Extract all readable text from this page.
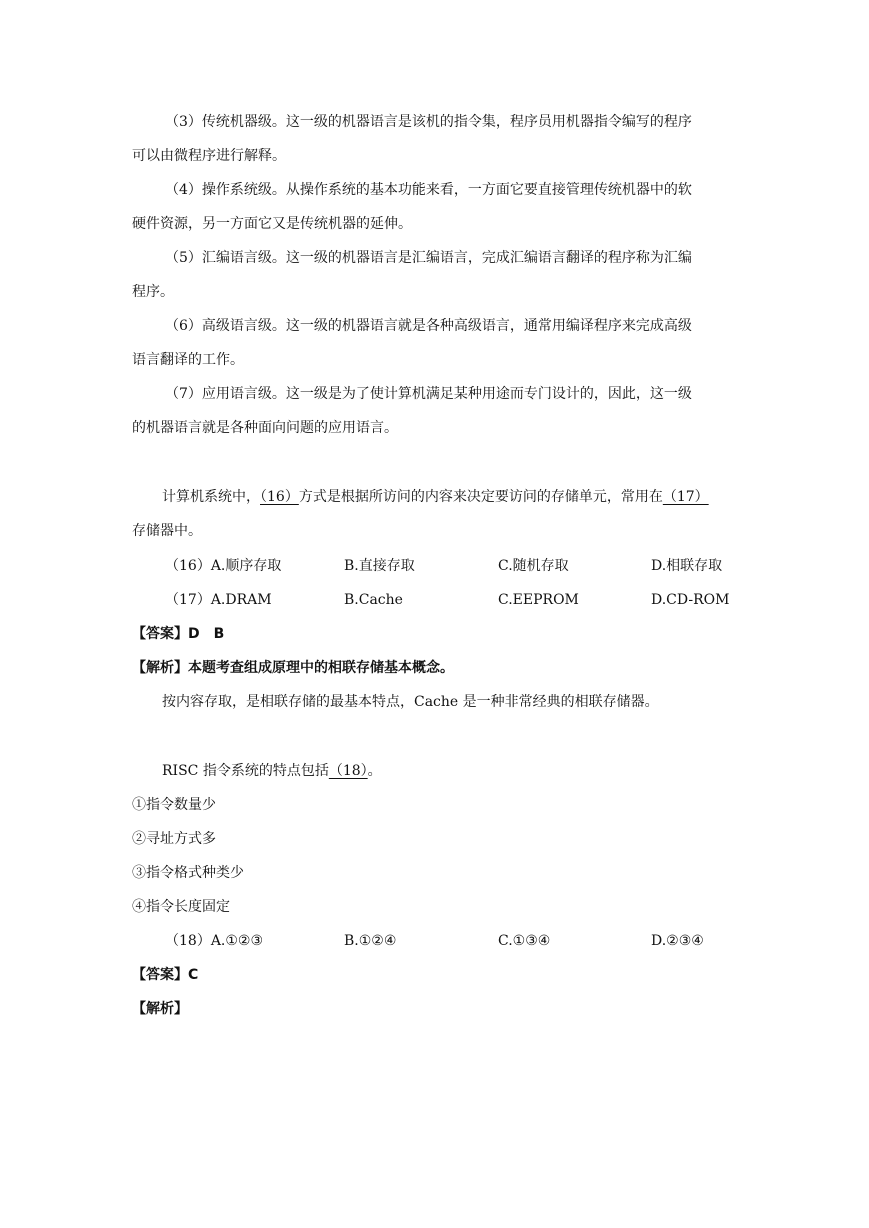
（3）传统机器级。这一级的机器语言是该机的指令集，程序员用机器指令编写的程序
可以由微程序进行解释。
（4）操作系统级。从操作系统的基本功能来看，一方面它要直接管理传统机器中的软
硬件资源，另一方面它又是传统机器的延伸。
（5）汇编语言级。这一级的机器语言是汇编语言，完成汇编语言翻译的程序称为汇编
程序。
（6）高级语言级。这一级的机器语言就是各种高级语言，通常用编译程序来完成高级
语言翻译的工作。
（7）应用语言级。这一级是为了使计算机满足某种用途而专门设计的，因此，这一级
的机器语言就是各种面向问题的应用语言。
计算机系统中，（16）方式是根据所访问的内容来决定要访问的存储单元，常用在（17）
存储器中。
（16）A.顺序存取	B.直接存取	C.随机存取	D.相联存取
（17）A.DRAM	B.Cache	C.EEPROM	D.CD-ROM
【答案】D　B
【解析】本题考查组成原理中的相联存储基本概念。
按内容存取，是相联存储的最基本特点，Cache 是一种非常经典的相联存储器。
RISC 指令系统的特点包括（18）。
①指令数量少
②寻址方式多
③指令格式种类少
④指令长度固定
（18）A.①②③	B.①②④	C.①③④	D.②③④
【答案】C
【解析】
